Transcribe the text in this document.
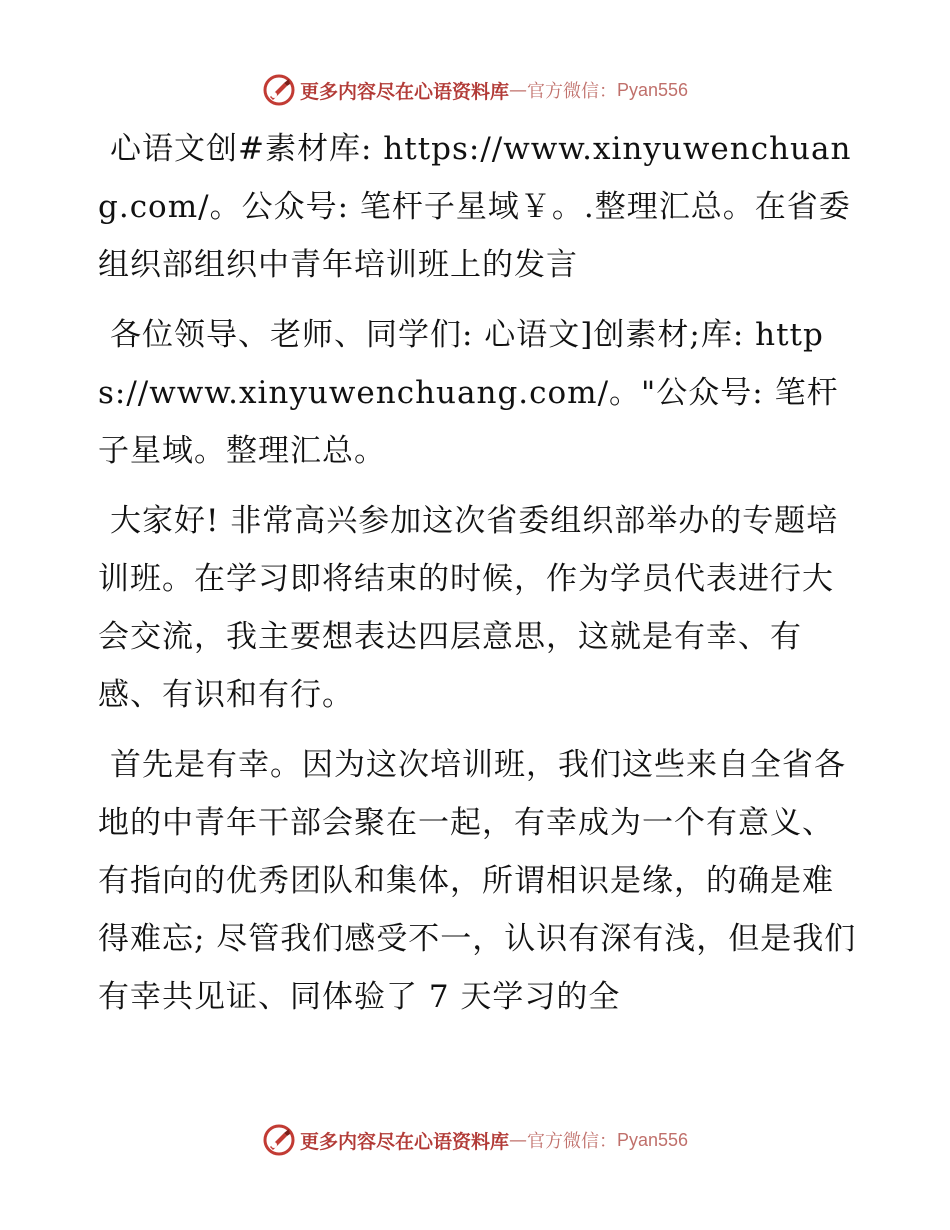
更多内容尽在心语资料库 — 官方微信： Pyan556

心语文创#素材库: https://www.xinyuwenchuang.com/。公众号: 笔杆子星域￥。.整理汇总。在省委组织部组织中青年培训班上的发言

各位领导、老师、同学们: 心语文]创素材;库: https://www.xinyuwenchuang.com/。"公众号: 笔杆子星域。整理汇总。

大家好! 非常高兴参加这次省委组织部举办的专题培训班。在学习即将结束的时候，作为学员代表进行大会交流，我主要想表达四层意思，这就是有幸、有感、有识和有行。

首先是有幸。因为这次培训班，我们这些来自全省各地的中青年干部会聚在一起，有幸成为一个有意义、有指向的优秀团队和集体，所谓相识是缘，的确是难得难忘; 尽管我们感受不一，认识有深有浅，但是我们有幸共见证、同体验了 7 天学习的全

更多内容尽在心语资料库 — 官方微信： Pyan556
